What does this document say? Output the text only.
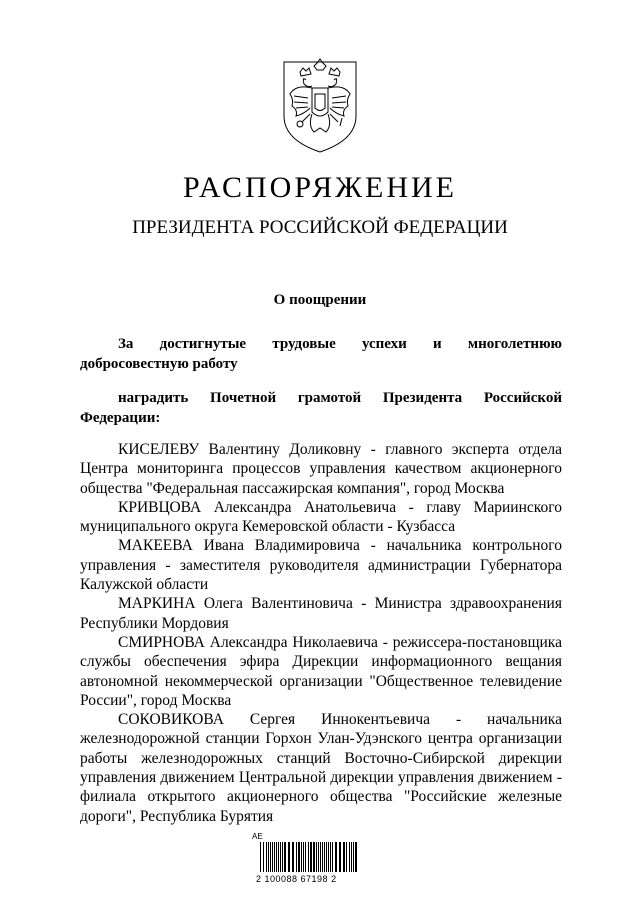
РАСПОРЯЖЕНИЕ
ПРЕЗИДЕНТА РОССИЙСКОЙ ФЕДЕРАЦИИ
О поощрении
За достигнутые трудовые успехи и многолетнюю добросовестную работу
наградить Почетной грамотой Президента Российской Федерации:

КИСЕЛЕВУ Валентину Доликовну - главного эксперта отдела Центра мониторинга процессов управления качеством акционерного общества "Федеральная пассажирская компания", город Москва

КРИВЦОВА Александра Анатольевича - главу Мариинского муниципального округа Кемеровской области - Кузбасса

МАКЕЕВА Ивана Владимировича - начальника контрольного управления - заместителя руководителя администрации Губернатора Калужской области

МАРКИНА Олега Валентиновича - Министра здравоохранения Республики Мордовия

СМИРНОВА Александра Николаевича - режиссера-постановщика службы обеспечения эфира Дирекции информационного вещания автономной некоммерческой организации "Общественное телевидение России", город Москва

СОКОВИКОВА Сергея Иннокентьевича - начальника железнодорожной станции Горхон Улан-Удэнского центра организации работы железнодорожных станций Восточно-Сибирской дирекции управления движением Центральной дирекции управления движением - филиала открытого акционерного общества "Российские железные дороги", Республика Бурятия

АЕ
2 100088 67198 2
